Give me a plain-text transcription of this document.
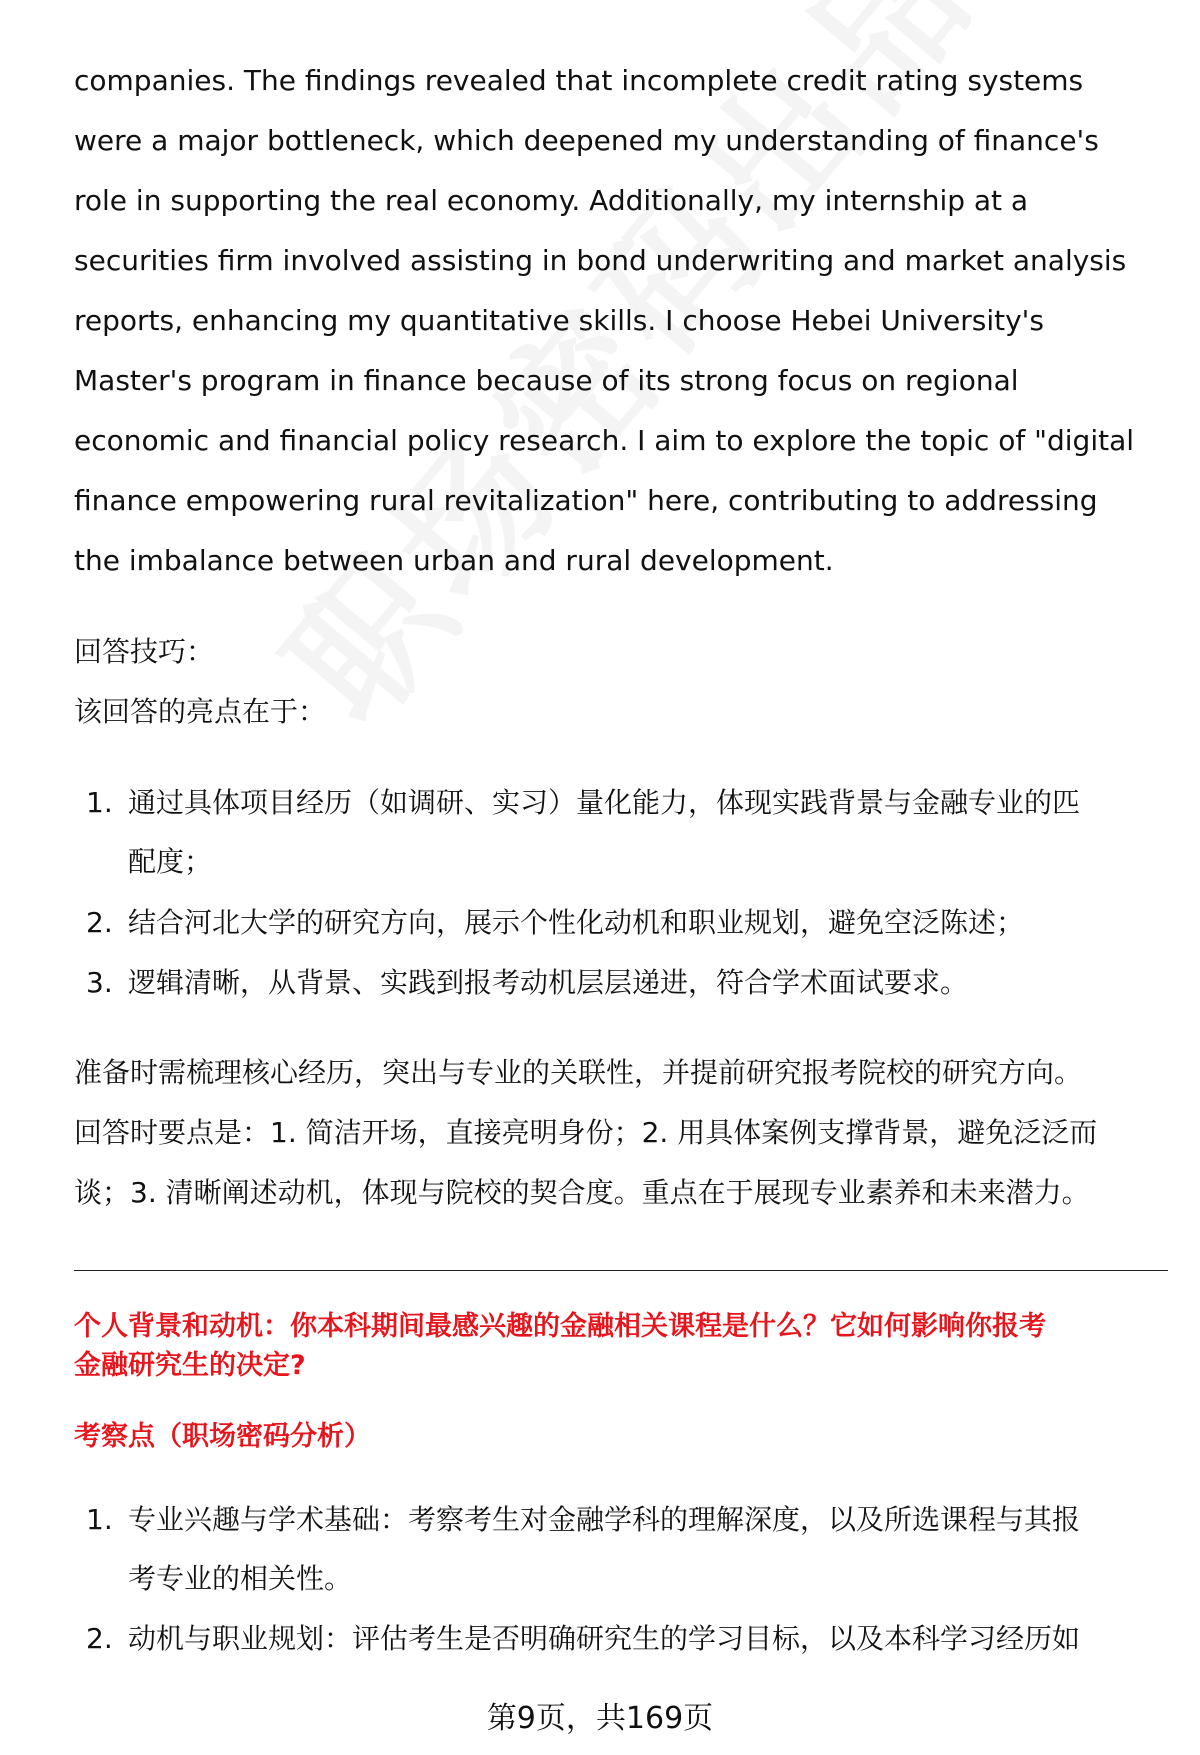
companies. The findings revealed that incomplete credit rating systems
were a major bottleneck, which deepened my understanding of finance's
role in supporting the real economy. Additionally, my internship at a
securities firm involved assisting in bond underwriting and market analysis
reports, enhancing my quantitative skills. I choose Hebei University's
Master's program in finance because of its strong focus on regional
economic and financial policy research. I aim to explore the topic of "digital
finance empowering rural revitalization" here, contributing to addressing
the imbalance between urban and rural development.
回答技巧：
该回答的亮点在于：
1. 通过具体项目经历（如调研、实习）量化能力，体现实践背景与金融专业的匹
配度；
2. 结合河北大学的研究方向，展示个性化动机和职业规划，避免空泛陈述；
3. 逻辑清晰，从背景、实践到报考动机层层递进，符合学术面试要求。
准备时需梳理核心经历，突出与专业的关联性，并提前研究报考院校的研究方向。
回答时要点是：1. 简洁开场，直接亮明身份；2. 用具体案例支撑背景，避免泛泛而
谈；3. 清晰阐述动机，体现与院校的契合度。重点在于展现专业素养和未来潜力。
个人背景和动机：你本科期间最感兴趣的金融相关课程是什么？它如何影响你报考
金融研究生的决定?
考察点（职场密码分析）
1. 专业兴趣与学术基础：考察考生对金融学科的理解深度，以及所选课程与其报
考专业的相关性。
2. 动机与职业规划：评估考生是否明确研究生的学习目标，以及本科学习经历如
第9页，共169页
